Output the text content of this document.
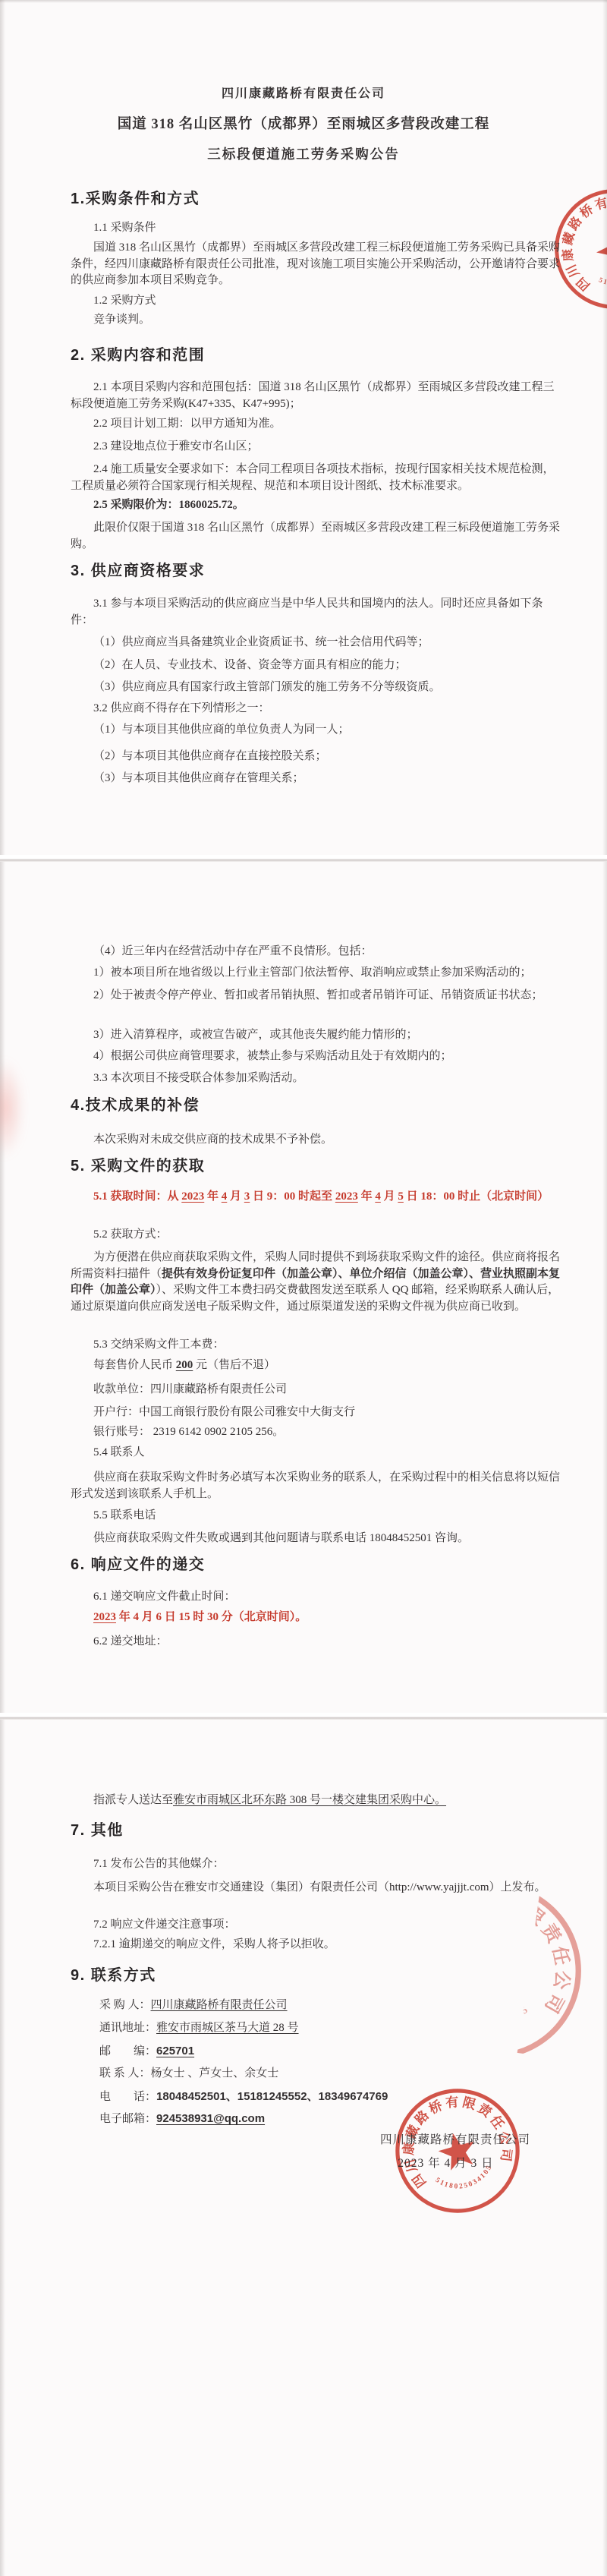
四川康藏路桥有限责任公司
国道 318 名山区黑竹（成都界）至雨城区多营段改建工程
三标段便道施工劳务采购公告
1.采购条件和方式
1.1 采购条件
国道 318 名山区黑竹（成都界）至雨城区多营段改建工程三标段便道施工劳务采购已具备采购条件，经四川康藏路桥有限责任公司批准，现对该施工项目实施公开采购活动，公开邀请符合要求的供应商参加本项目采购竞争。
1.2 采购方式
竞争谈判。
2. 采购内容和范围
2.1 本项目采购内容和范围包括：国道 318 名山区黑竹（成都界）至雨城区多营段改建工程三标段便道施工劳务采购(K47+335、K47+995)；
2.2 项目计划工期：以甲方通知为准。
2.3 建设地点位于雅安市名山区；
2.4 施工质量安全要求如下：本合同工程项目各项技术指标，按现行国家相关技术规范检测，工程质量必须符合国家现行相关规程、规范和本项目设计图纸、技术标准要求。
2.5 采购限价为：1860025.72。
此限价仅限于国道 318 名山区黑竹（成都界）至雨城区多营段改建工程三标段便道施工劳务采购。
3. 供应商资格要求
3.1 参与本项目采购活动的供应商应当是中华人民共和国境内的法人。同时还应具备如下条件：
（1）供应商应当具备建筑业企业资质证书、统一社会信用代码等；
（2）在人员、专业技术、设备、资金等方面具有相应的能力；
（3）供应商应具有国家行政主管部门颁发的施工劳务不分等级资质。
3.2 供应商不得存在下列情形之一：
（1）与本项目其他供应商的单位负责人为同一人；
（2）与本项目其他供应商存在直接控股关系；
（3）与本项目其他供应商存在管理关系；
（4）近三年内在经营活动中存在严重不良情形。包括：
1）被本项目所在地省级以上行业主管部门依法暂停、取消响应或禁止参加采购活动的；
2）处于被责令停产停业、暂扣或者吊销执照、暂扣或者吊销许可证、吊销资质证书状态；
3）进入清算程序，或被宣告破产，或其他丧失履约能力情形的；
4）根据公司供应商管理要求，被禁止参与采购活动且处于有效期内的；
3.3 本次项目不接受联合体参加采购活动。
4.技术成果的补偿
本次采购对未成交供应商的技术成果不予补偿。
5. 采购文件的获取
5.1 获取时间：从 2023 年 4 月 3 日 9：00 时起至 2023 年 4 月 5 日 18：00 时止（北京时间）
5.2 获取方式：
为方便潜在供应商获取采购文件，采购人同时提供不到场获取采购文件的途径。供应商将报名所需资料扫描件（提供有效身份证复印件（加盖公章）、单位介绍信（加盖公章）、营业执照副本复印件（加盖公章））、采购文件工本费扫码交费截图发送至联系人 QQ 邮箱，经采购联系人确认后，通过原渠道向供应商发送电子版采购文件，通过原渠道发送的采购文件视为供应商已收到。
5.3 交纳采购文件工本费：
每套售价人民币 200 元（售后不退）
收款单位：四川康藏路桥有限责任公司
开户行：中国工商银行股份有限公司雅安中大街支行
银行账号： 2319 6142 0902 2105 256。
5.4 联系人
供应商在获取采购文件时务必填写本次采购业务的联系人，在采购过程中的相关信息将以短信形式发送到该联系人手机上。
5.5 联系电话
供应商获取采购文件失败或遇到其他问题请与联系电话 18048452501 咨询。
6. 响应文件的递交
6.1 递交响应文件截止时间：
2023 年 4 月 6 日 15 时 30 分（北京时间）。
6.2 递交地址：
指派专人送达至雅安市雨城区北环东路 308 号一楼交建集团采购中心。
7. 其他
7.1 发布公告的其他媒介：
本项目采购公告在雅安市交通建设（集团）有限责任公司（http://www.yajjjt.com）上发布。
7.2 响应文件递交注意事项：
7.2.1 逾期递交的响应文件，采购人将予以拒收。
9. 联系方式
采 购 人：四川康藏路桥有限责任公司
通讯地址：雅安市雨城区茶马大道 28 号
邮　　编：625701
联 系 人：杨女士 、芦女士、余女士
电　　话：18048452501、15181245552、18349674769
电子邮箱：924538931@qq.com
四川康藏路桥有限责任公司
2023 年 4 月 3 日
